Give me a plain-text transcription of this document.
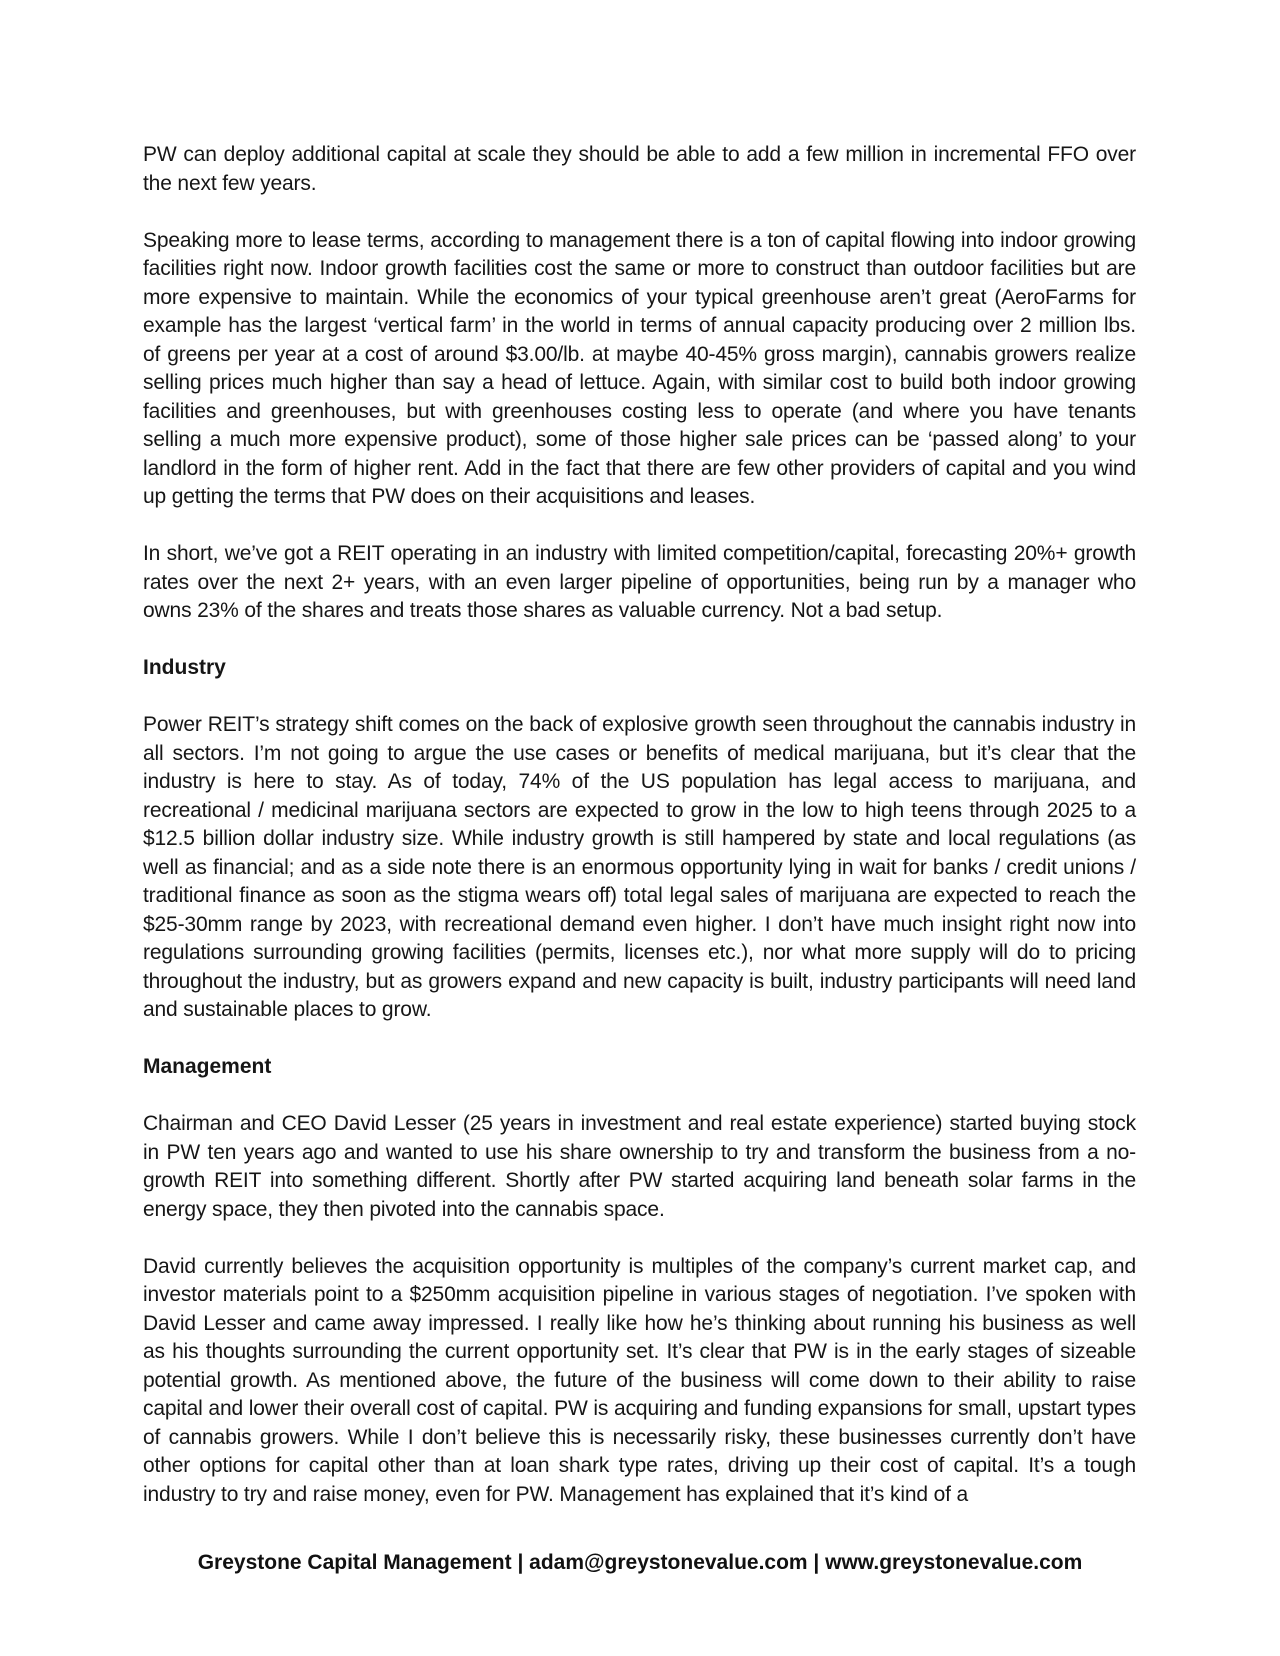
PW can deploy additional capital at scale they should be able to add a few million in incremental FFO over the next few years.

Speaking more to lease terms, according to management there is a ton of capital flowing into indoor growing facilities right now. Indoor growth facilities cost the same or more to construct than outdoor facilities but are more expensive to maintain. While the economics of your typical greenhouse aren’t great (AeroFarms for example has the largest ‘vertical farm’ in the world in terms of annual capacity producing over 2 million lbs. of greens per year at a cost of around $3.00/lb. at maybe 40-45% gross margin), cannabis growers realize selling prices much higher than say a head of lettuce. Again, with similar cost to build both indoor growing facilities and greenhouses, but with greenhouses costing less to operate (and where you have tenants selling a much more expensive product), some of those higher sale prices can be ‘passed along’ to your landlord in the form of higher rent. Add in the fact that there are few other providers of capital and you wind up getting the terms that PW does on their acquisitions and leases.

In short, we’ve got a REIT operating in an industry with limited competition/capital, forecasting 20%+ growth rates over the next 2+ years, with an even larger pipeline of opportunities, being run by a manager who owns 23% of the shares and treats those shares as valuable currency. Not a bad setup.

Industry

Power REIT’s strategy shift comes on the back of explosive growth seen throughout the cannabis industry in all sectors. I’m not going to argue the use cases or benefits of medical marijuana, but it’s clear that the industry is here to stay. As of today, 74% of the US population has legal access to marijuana, and recreational / medicinal marijuana sectors are expected to grow in the low to high teens through 2025 to a $12.5 billion dollar industry size. While industry growth is still hampered by state and local regulations (as well as financial; and as a side note there is an enormous opportunity lying in wait for banks / credit unions / traditional finance as soon as the stigma wears off) total legal sales of marijuana are expected to reach the $25-30mm range by 2023, with recreational demand even higher. I don’t have much insight right now into regulations surrounding growing facilities (permits, licenses etc.), nor what more supply will do to pricing throughout the industry, but as growers expand and new capacity is built, industry participants will need land and sustainable places to grow.

Management

Chairman and CEO David Lesser (25 years in investment and real estate experience) started buying stock in PW ten years ago and wanted to use his share ownership to try and transform the business from a no-growth REIT into something different. Shortly after PW started acquiring land beneath solar farms in the energy space, they then pivoted into the cannabis space.

David currently believes the acquisition opportunity is multiples of the company’s current market cap, and investor materials point to a $250mm acquisition pipeline in various stages of negotiation. I’ve spoken with David Lesser and came away impressed. I really like how he’s thinking about running his business as well as his thoughts surrounding the current opportunity set. It’s clear that PW is in the early stages of sizeable potential growth. As mentioned above, the future of the business will come down to their ability to raise capital and lower their overall cost of capital. PW is acquiring and funding expansions for small, upstart types of cannabis growers. While I don’t believe this is necessarily risky, these businesses currently don’t have other options for capital other than at loan shark type rates, driving up their cost of capital. It’s a tough industry to try and raise money, even for PW. Management has explained that it’s kind of a

Greystone Capital Management | adam@greystonevalue.com | www.greystonevalue.com
